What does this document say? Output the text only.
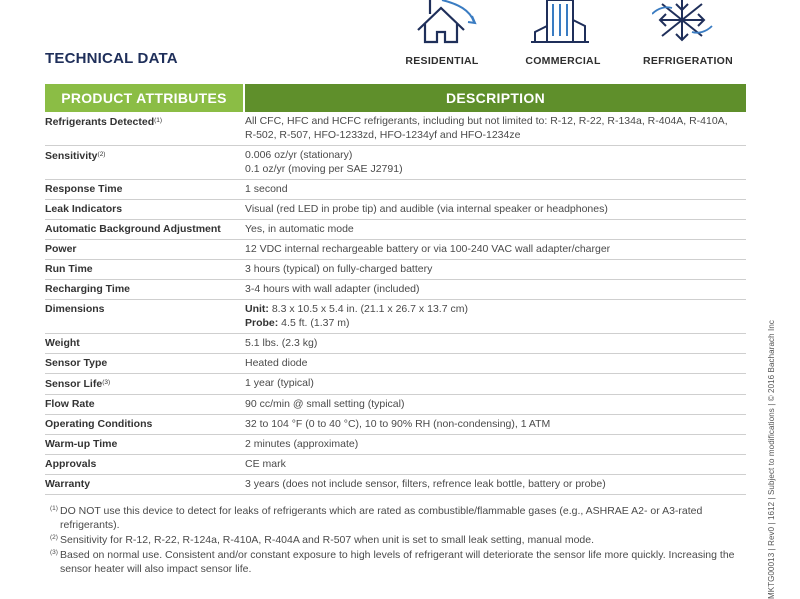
TECHNICAL DATA	RESIDENTIAL	COMMERCIAL	REFRIGERATION
PRODUCT ATTRIBUTES	DESCRIPTION
Refrigerants Detected$^{(1)}$	All CFC, HFC and HCFC refrigerants, including but not limited to: R-12, R-22, R-134a, R-404A, R-410A,
R-502, R-507, HFO-1233zd, HFO-1234yf and HFO-1234ze
Sensitivity$^{(2)}$	0.006 oz/yr (stationary)
0.1 oz/yr (moving per SAE J2791)
Response Time	1 second
Leak Indicators	Visual (red LED in probe tip) and audible (via internal speaker or headphones)
Automatic Background Adjustment	Yes, in automatic mode
Power	12 VDC internal rechargeable battery or via 100-240 VAC wall adapter/charger
Run Time	3 hours (typical) on fully-charged battery
Recharging Time	3-4 hours with wall adapter (included)
Dimensions	Unit: 8.3 x 10.5 x 5.4 in. (21.1 x 26.7 x 13.7 cm)
Probe: 4.5 ft. (1.37 m)
Weight	5.1 lbs. (2.3 kg)
Sensor Type	Heated diode
Sensor Life$^{(3)}$	1 year (typical)
Flow Rate	90 cc/min @ small setting (typical)
Operating Conditions	32 to 104 °F (0 to 40 °C), 10 to 90% RH (non-condensing), 1 ATM
Warm-up Time	2 minutes (approximate)
Approvals	CE mark
Warranty	3 years (does not include sensor, filters, refrence leak bottle, battery or probe)
(1) DO NOT use this device to detect for leaks of refrigerants which are rated as combustible/flammable gases (e.g., ASHRAE A2- or A3-rated refrigerants).
(2) Sensitivity for R-12, R-22, R-124a, R-410A, R-404A and R-507 when unit is set to small leak setting, manual mode.
(3) Based on normal use. Consistent and/or constant exposure to high levels of refrigerant will deteriorate the sensor life more quickly. Increasing the sensor heater will also impact sensor life.	MKTG00013 | Rev0 | 1612 | Subject to modifications | © 2016 Bacharach Inc
